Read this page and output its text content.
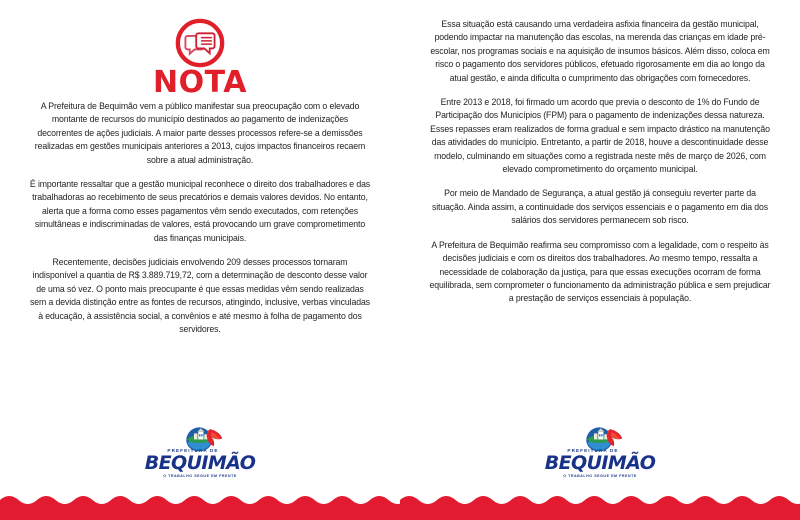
NOTA

A Prefeitura de Bequimão vem a público manifestar sua preocupação com o elevado montante de recursos do município destinados ao pagamento de indenizações decorrentes de ações judiciais. A maior parte desses processos refere-se a demissões realizadas em gestões municipais anteriores a 2013, cujos impactos financeiros recaem sobre a atual administração.

É importante ressaltar que a gestão municipal reconhece o direito dos trabalhadores e das trabalhadoras ao recebimento de seus precatórios e demais valores devidos. No entanto, alerta que a forma como esses pagamentos vêm sendo executados, com retenções simultâneas e indiscriminadas de valores, está provocando um grave comprometimento das finanças municipais.

Recentemente, decisões judiciais envolvendo 209 desses processos tornaram indisponível a quantia de R$ 3.889.719,72, com a determinação de desconto desse valor de uma só vez. O ponto mais preocupante é que essas medidas vêm sendo realizadas sem a devida distinção entre as fontes de recursos, atingindo, inclusive, verbas vinculadas à educação, à assistência social, a convênios e até mesmo à folha de pagamento dos servidores.

PREFEITURA DE
BEQUIMÃO
O TRABALHO SEGUE EM FRENTE

Essa situação está causando uma verdadeira asfixia financeira da gestão municipal, podendo impactar na manutenção das escolas, na merenda das crianças em idade pré-escolar, nos programas sociais e na aquisição de insumos básicos. Além disso, coloca em risco o pagamento dos servidores públicos, efetuado rigorosamente em dia ao longo da atual gestão, e ainda dificulta o cumprimento das obrigações com fornecedores.

Entre 2013 e 2018, foi firmado um acordo que previa o desconto de 1% do Fundo de Participação dos Municípios (FPM) para o pagamento de indenizações dessa natureza. Esses repasses eram realizados de forma gradual e sem impacto drástico na manutenção das atividades do município. Entretanto, a partir de 2018, houve a descontinuidade desse modelo, culminando em situações como a registrada neste mês de março de 2026, com elevado comprometimento do orçamento municipal.

Por meio de Mandado de Segurança, a atual gestão já conseguiu reverter parte da situação. Ainda assim, a continuidade dos serviços essenciais e o pagamento em dia dos salários dos servidores permanecem sob risco.

A Prefeitura de Bequimão reafirma seu compromisso com a legalidade, com o respeito às decisões judiciais e com os direitos dos trabalhadores. Ao mesmo tempo, ressalta a necessidade de colaboração da justiça, para que essas execuções ocorram de forma equilibrada, sem comprometer o funcionamento da administração pública e sem prejudicar a prestação de serviços essenciais à população.

PREFEITURA DE
BEQUIMÃO
O TRABALHO SEGUE EM FRENTE
